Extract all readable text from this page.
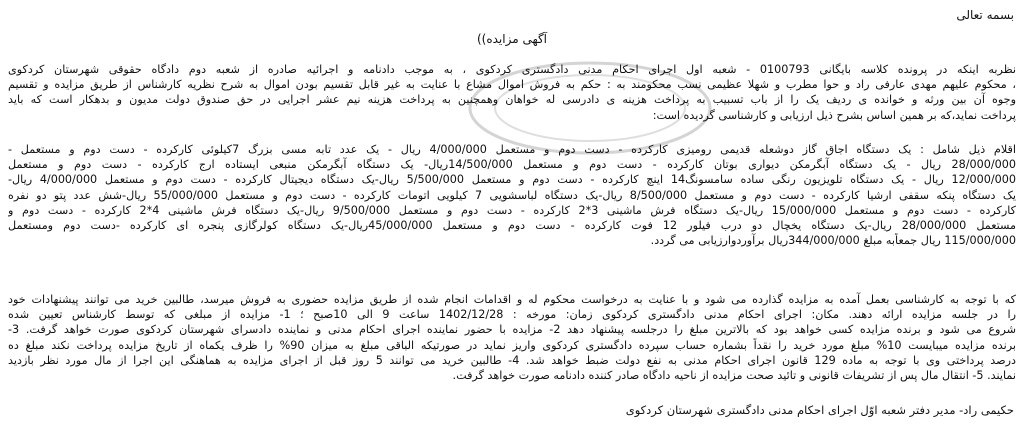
بسمه تعالی
آگهی مزایده))
نظربه اینکه در پرونده کلاسه بایگانی 0100793 - شعبه اول اجرای احکام مدنی دادگستری کردکوی ، به موجب دادنامه و اجرائیه صادره از شعبه دوم دادگاه حقوقی شهرستان کردکوی
، محکوم علیهم مهدی عارفی راد و حوا مطرب و شهلا عظیمی نسب محکومند به : حکم به فروش اموال مشاع با عنایت به غیر قابل تقسیم بودن اموال به شرح نظریه کارشناس از طریق مزایده و تقسیم
وجوه آن بین ورثه و خوانده ی ردیف یک را از باب تسبیب به پرداخت هزینه ی دادرسی له خواهان وهمچنین به پرداخت هزینه نیم عشر اجرایی در حق صندوق دولت مدیون و بدهکار است که باید
پرداخت نماید،که بر همین اساس بشرح ذیل ارزیابی و کارشناسی گردیده است:
اقلام ذیل شامل : یک دستگاه اجاق گاز دوشعله قدیمی رومیزی کارکرده - دست دوم و مستعمل 4/000/000 ریال - یک عدد تابه مسی بزرگ 7کیلوئی کارکرده - دست دوم و مستعمل -
28/000/000 ریال - یک دستگاه آبگرمکن دیواری بوتان کارکرده - دست دوم و مستعمل 14/500/000ریال- یک دستگاه آبگرمکن منبعی ایستاده ارج کارکرده - دست دوم و مستعمل
12/000/000 ریال - یک دستگاه تلویزیون رنگی ساده سامسونگ14 اینچ کارکرده - دست دوم و مستعمل 5/500/000 ریال-یک دستگاه دیجیتال کارکرده - دست دوم و مستعمل 4/000/000 ریال-
یک دستگاه پنکه سقفی ارشیا کارکرده - دست دوم و مستعمل 8/500/000 ریال-یک دستگاه لباسشویی 7 کیلویی اتومات کارکرده - دست دوم و مستعمل 55/000/000 ریال-شش عدد پتو دو نفره
کارکرده - دست دوم و مستعمل 15/000/000 ریال-یک دستگاه فرش ماشینی 3*2 کارکرده - دست دوم و مستعمل 9/500/000 ریال-یک دستگاه فرش ماشینی 4*2 کارکرده - دست دوم و
مستعمل 28/000/000 ریال-یک دستگاه یخچال دو درب فیلور 12 فوت کارکرده - دست دوم و مستعمل 45/000/000ریال-یک دستگاه کولرگازی پنجره ای کارکرده -دست دوم ومستعمل
115/000/000 ریال جمعاًبه مبلغ 344/000/000ریال برآوردوارزیابی می گردد.
که با توجه به کارشناسی بعمل آمده به مزایده گذارده می شود و با عنایت به درخواست محکوم له و اقدامات انجام شده از طریق مزایده حضوری به فروش میرسد، طالبین خرید می توانند پیشنهادات خود
را در جلسه مزایده ارائه دهند. مکان: اجرای احکام مدنی دادگستری کردکوی زمان: مورخه : 1402/12/28 ساعت 9 الی 10صبح ؛ 1- مزایده از مبلغی که توسط کارشناس تعیین شده
شروع می شود و برنده مزایده کسی خواهد بود که بالاترین مبلغ را درجلسه پیشنهاد دهد 2- مزایده با حضور نماینده اجرای احکام مدنی و نماینده دادسرای شهرستان کردکوی صورت خواهد گرفت. 3-
برنده مزایده میبایست 10% مبلغ مورد خرید را نقداً بشماره حساب سپرده دادگستری کردکوی واریز نماید در صورتیکه الباقی مبلغ به میزان 90% را ظرف یکماه از تاریخ مزایده پرداخت نکند مبلغ ده
درصد پرداختی وی با توجه به ماده 129 قانون اجرای احکام مدنی به نفع دولت ضبط خواهد شد. 4- طالبین خرید می توانند 5 روز قبل از اجرای مزایده به هماهنگی این اجرا از مال مورد نظر بازدید
نمایند. 5- انتقال مال پس از تشریفات قانونی و تائید صحت مزایده از ناحیه دادگاه صادر کننده دادنامه صورت خواهد گرفت.
حکیمی راد- مدیر دفتر شعبه اوّل اجرای احکام مدنی دادگستری شهرستان کردکوی
